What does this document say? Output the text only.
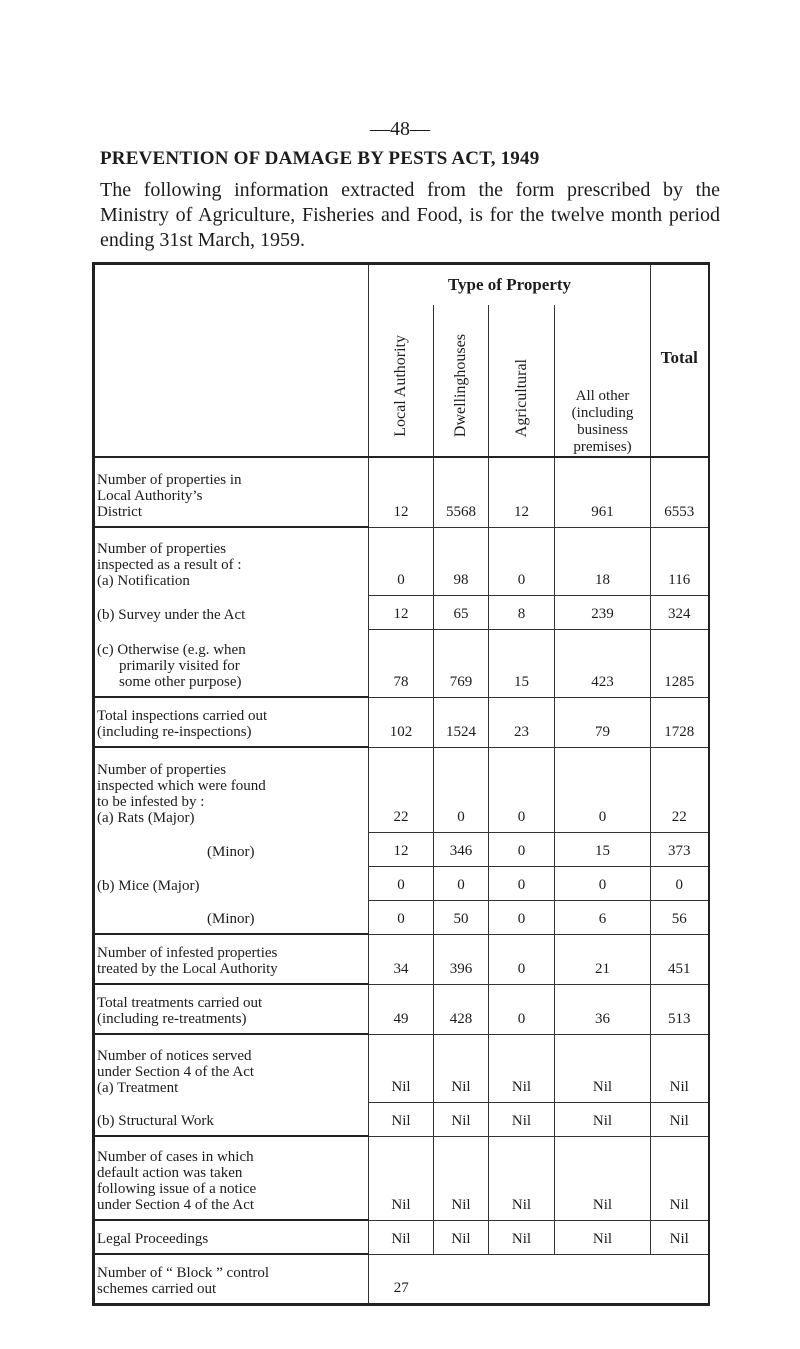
—48—
PREVENTION OF DAMAGE BY PESTS ACT, 1949
The following information extracted from the form prescribed by the Ministry of Agriculture, Fisheries and Food, is for the twelve month period ending 31st March, 1959.
	Type of Property				Total
	Local Authority	Dwellinghouses	Agricultural	All other (including business premises)	

Number of properties in
Local Authority’s
District	12	5568	12	961	6553

Number of properties
inspected as a result of :
(a) Notification	0	98	0	18	116

(b) Survey under the Act	12	65	8	239	324

(c) Otherwise (e.g. when
primarily visited for
some other purpose)	78	769	15	423	1285

Total inspections carried out
(including re-inspections)	102	1524	23	79	1728

Number of properties
inspected which were found
to be infested by :
(a) Rats (Major)	22	0	0	0	22

(Minor)	12	346	0	15	373

(b) Mice (Major)	0	0	0	0	0

(Minor)	0	50	0	6	56

Number of infested properties
treated by the Local Authority	34	396	0	21	451

Total treatments carried out
(including re-treatments)	49	428	0	36	513

Number of notices served
under Section 4 of the Act
(a) Treatment	Nil	Nil	Nil	Nil	Nil

(b) Structural Work	Nil	Nil	Nil	Nil	Nil

Number of cases in which
default action was taken
following issue of a notice
under Section 4 of the Act	Nil	Nil	Nil	Nil	Nil

Legal Proceedings	Nil	Nil	Nil	Nil	Nil

Number of “ Block ” control
schemes carried out	27				
